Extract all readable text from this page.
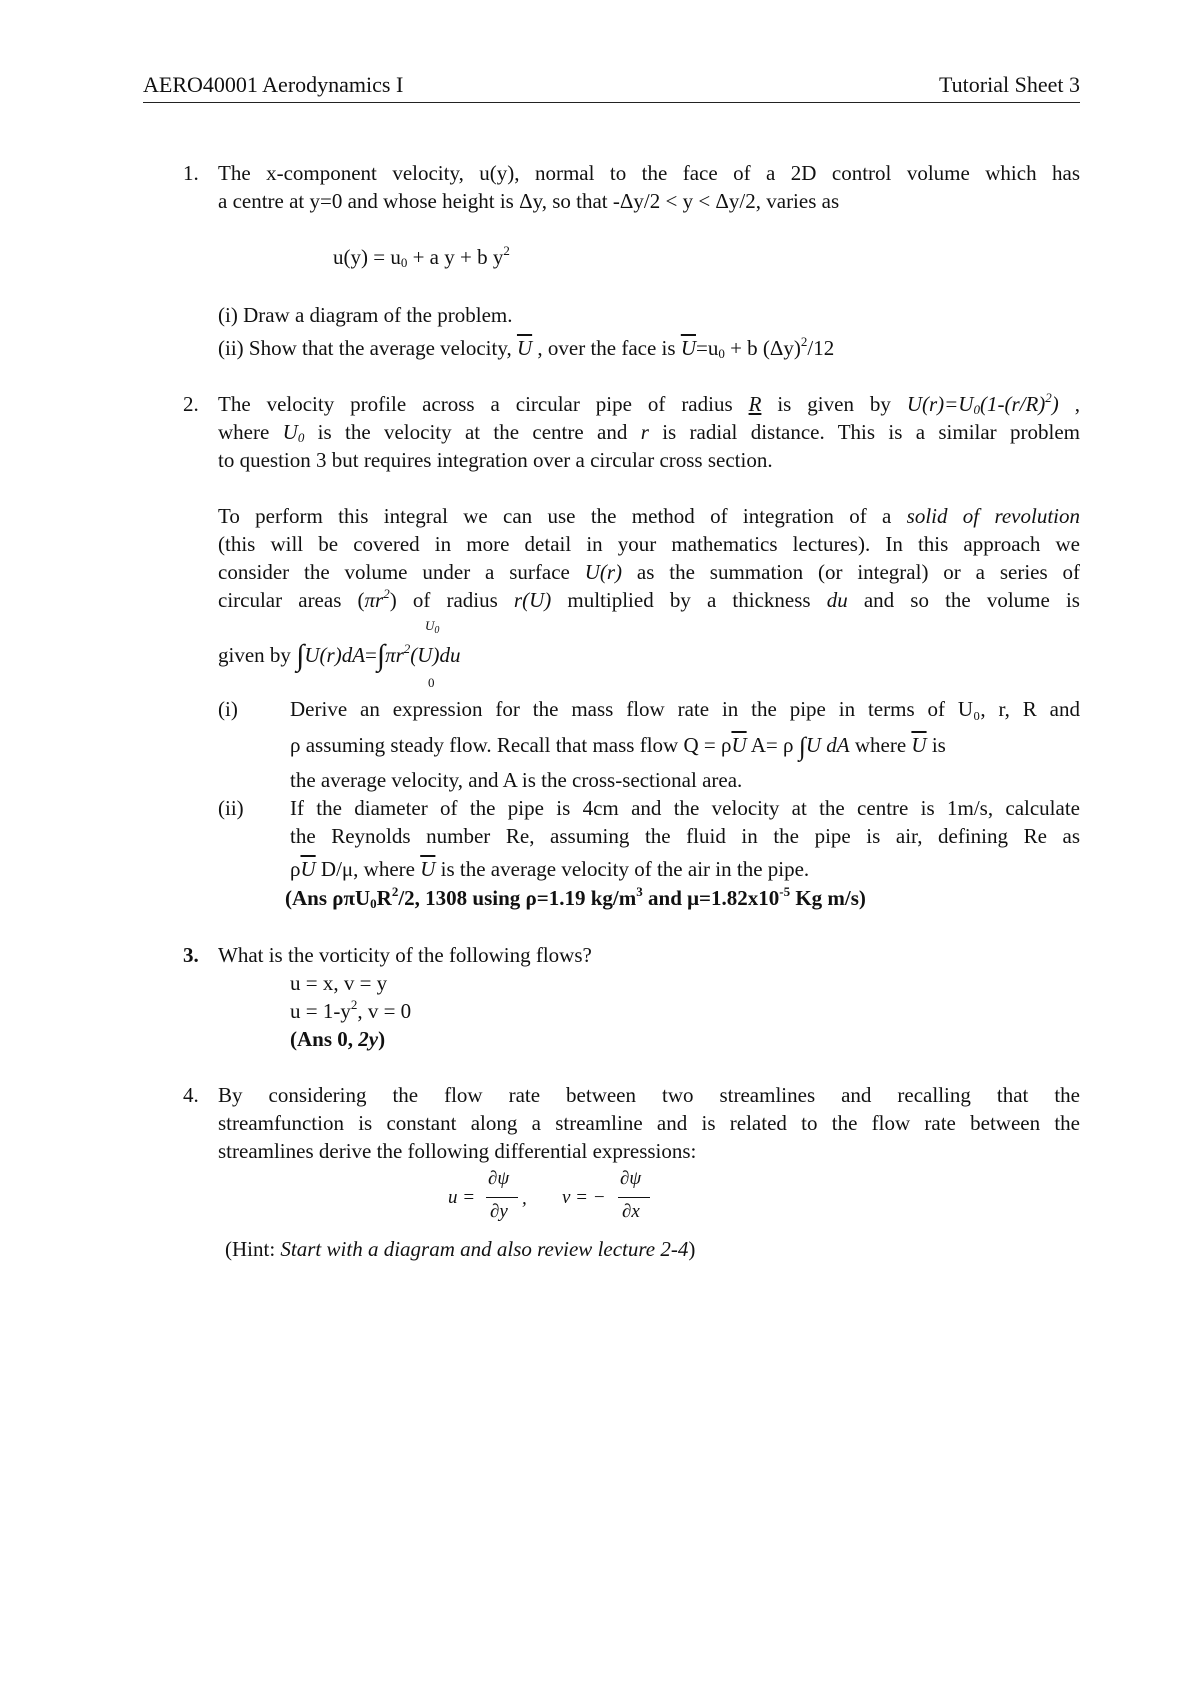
AERO40001 Aerodynamics I	Tutorial Sheet 3
1. The x-component velocity, u(y), normal to the face of a 2D control volume which has
a centre at y=0 and whose height is Δy, so that -Δy/2 < y < Δy/2, varies as
$u(y) = u_0 + a$ y + b $y^2$
(i) Draw a diagram of the problem.
(ii) Show that the average velocity, $\overline{U}$ , over the face is $\overline{U}=u_0 + b$ $(\Delta y)^2/12$
2. The velocity profile across a circular pipe of radius R is given by $U(r)=U_0(1-(r/R)^2)$ ,
where $U_0$ is the velocity at the centre and r is radial distance. This is a similar problem
to question 3 but requires integration over a circular cross section.
To perform this integral we can use the method of integration of a solid of revolution
(this will be covered in more detail in your mathematics lectures). In this approach we
consider the volume under a surface U(r) as the summation (or integral) or a series of
circular areas $(\pi r^2)$ of radius r(U) multiplied by a thickness du and so the volume is
given by $\int U(r)dA=\int\pi r^2(U)du$
$U_0$
0
(i) Derive an expression for the mass flow rate in the pipe in terms of U₀, r, R and
ρ assuming steady flow. Recall that mass flow $Q = \rho\overline{U}$ A= ρ ∫U dA where $\overline{U}$ is
the average velocity, and A is the cross-sectional area.
(ii) If the diameter of the pipe is 4cm and the velocity at the centre is 1m/s, calculate
the Reynolds number Re, assuming the fluid in the pipe is air, defining Re as
$\rho\overline{U}$ D/μ, where $\overline{U}$ is the average velocity of the air in the pipe.
(Ans $\rho\pi U_0R^2/2$, 1308 using ρ=1.19 $kg/m^3$ and $\mu=1.82x10^{-5}$ Kg m/s)
3. What is the vorticity of the following flows?
u = x, v = y
$u = 1-y^2$, v = 0
(Ans 0, 2y)
4. By considering the flow rate between two streamlines and recalling that the
streamfunction is constant along a streamline and is related to the flow rate between the
streamlines derive the following differential expressions:
u =
∂ψ
∂y
, v = −
∂ψ
∂x
(Hint: Start with a diagram and also review lecture 2-4)
